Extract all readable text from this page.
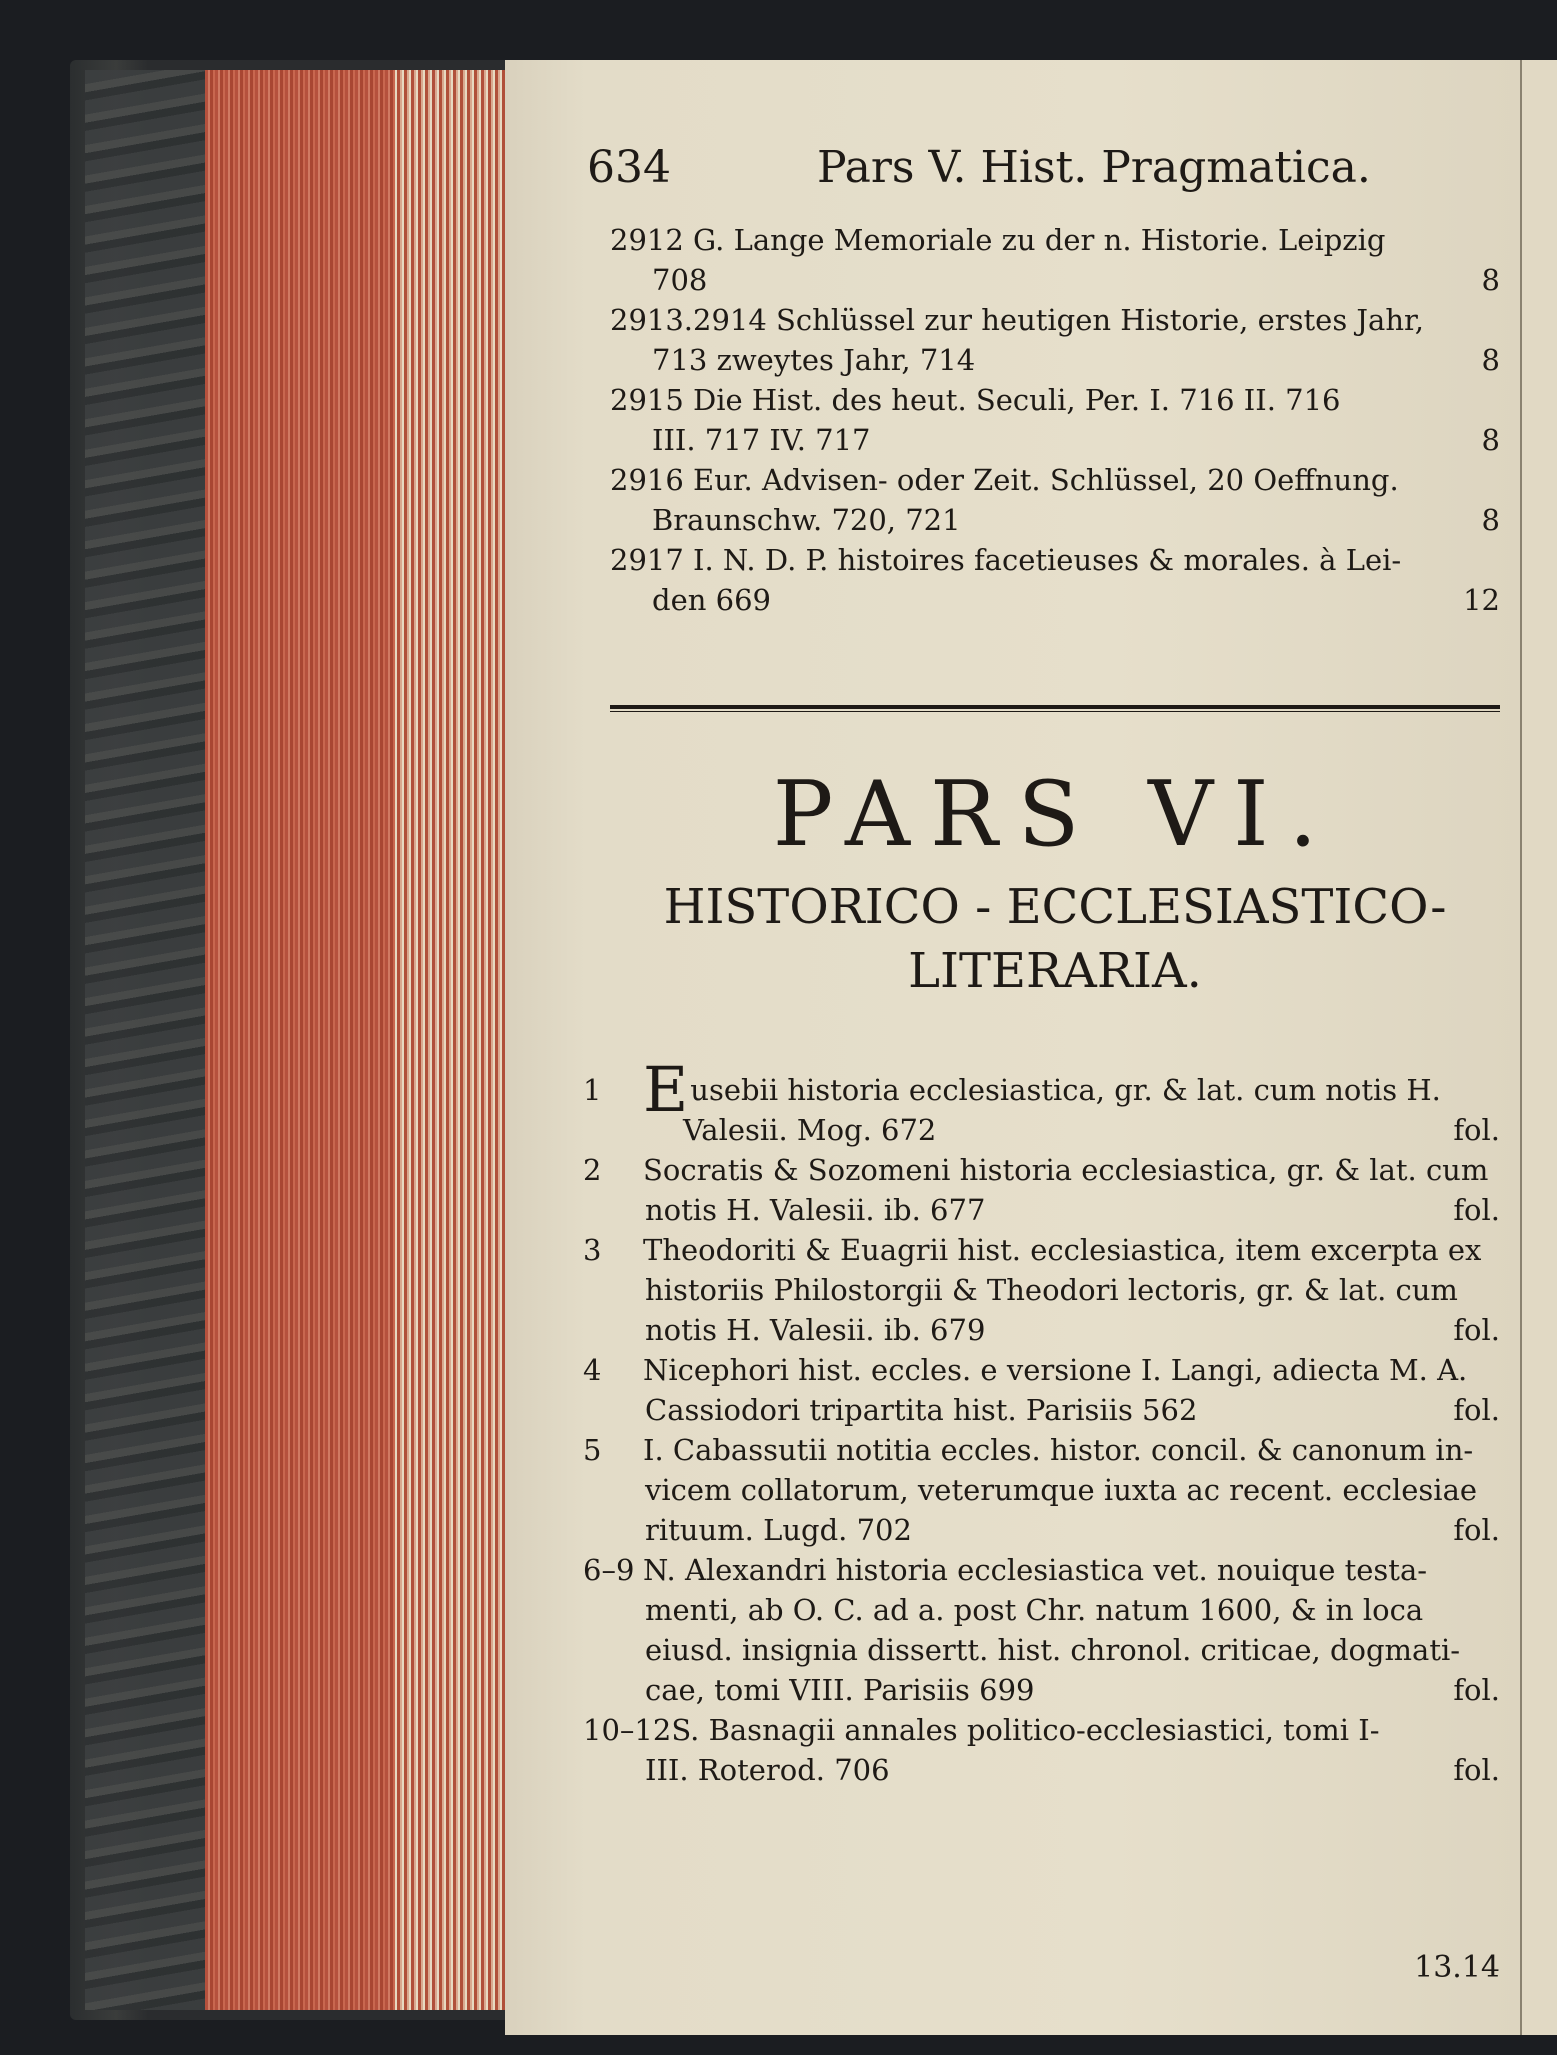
634	Pars V. Hist. Pragmatica.
2912 G. Lange Memoriale zu der n. Historie. Leipzig
708	8
2913.2914 Schlüssel zur heutigen Historie, erstes Jahr,
713 zweytes Jahr, 714	8
2915 Die Hist. des heut. Seculi, Per. I. 716 II. 716
III. 717 IV. 717	8
2916 Eur. Advisen- oder Zeit. Schlüssel, 20 Oeffnung.
Braunschw. 720, 721	8
2917 I. N. D. P. histoires facetieuses & morales. à Lei-
den 669	12
PARS VI.
HISTORICO - ECCLESIASTICO-
LITERARIA.
1 Eusebii historia ecclesiastica, gr. & lat. cum notis H.
Valesii. Mog. 672	fol.
2 Socratis & Sozomeni historia ecclesiastica, gr. & lat. cum
notis H. Valesii. ib. 677	fol.
3 Theodoriti & Euagrii hist. ecclesiastica, item excerpta ex
historiis Philostorgii & Theodori lectoris, gr. & lat. cum
notis H. Valesii. ib. 679	fol.
4 Nicephori hist. eccles. e versione I. Langi, adiecta M. A.
Cassiodori tripartita hist. Parisiis 562	fol.
5 I. Cabassutii notitia eccles. histor. concil. & canonum in-
vicem collatorum, veterumque iuxta ac recent. ecclesiae
rituum. Lugd. 702	fol.
6–9 N. Alexandri historia ecclesiastica vet. nouique testa-
menti, ab O. C. ad a. post Chr. natum 1600, & in loca
eiusd. insignia dissertt. hist. chronol. criticae, dogmati-
cae, tomi VIII. Parisiis 699	fol.
10–12S. Basnagii annales politico-ecclesiastici, tomi I-
III. Roterod. 706	fol.
13.14
